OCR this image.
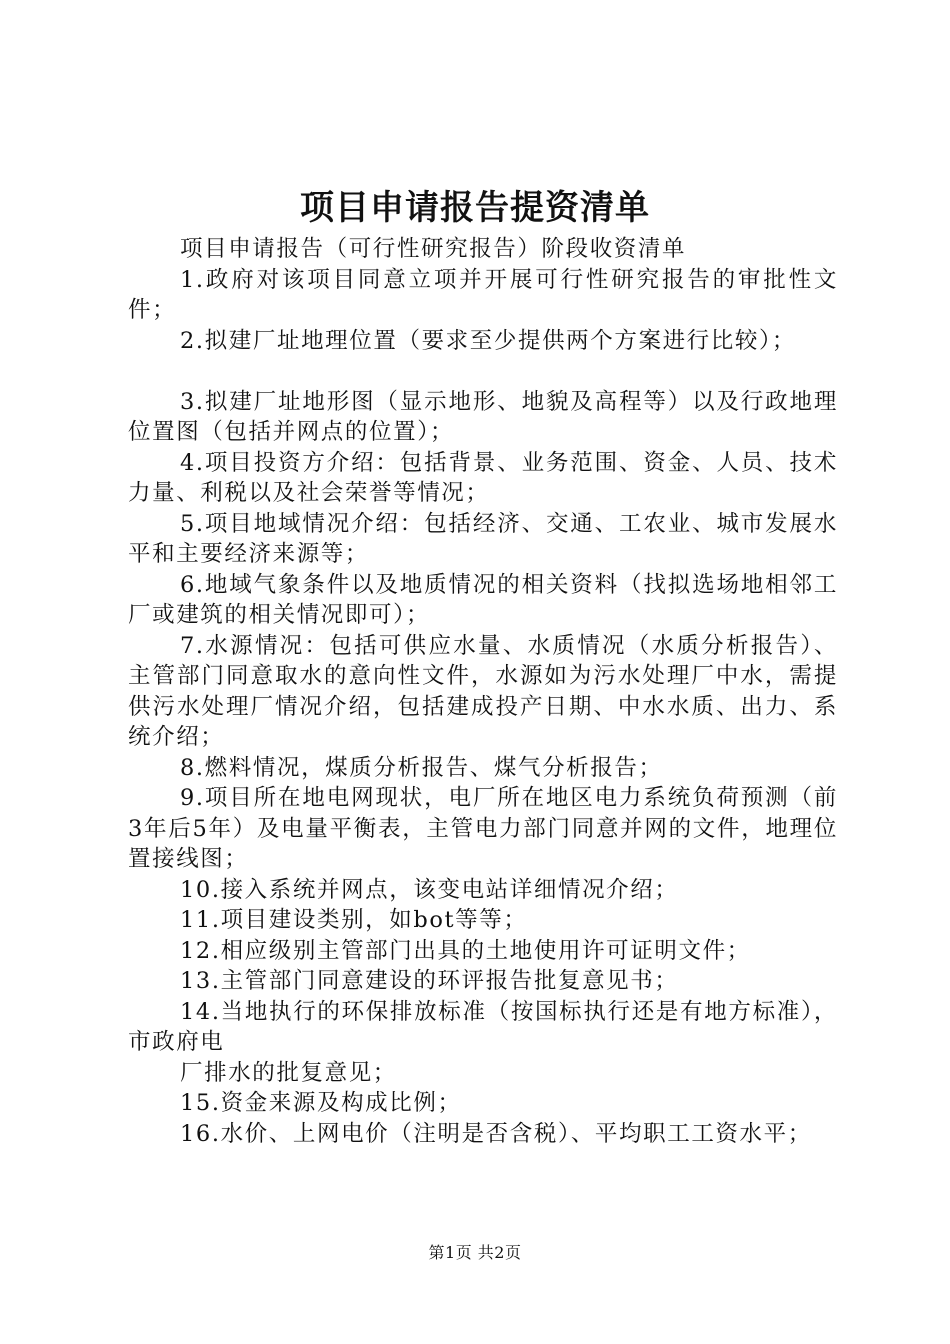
项目申请报告提资清单

项目申请报告（可行性研究报告）阶段收资清单

1.政府对该项目同意立项并开展可行性研究报告的审批性文件；

2.拟建厂址地理位置（要求至少提供两个方案进行比较）；

3.拟建厂址地形图（显示地形、地貌及高程等）以及行政地理位置图（包括并网点的位置）；

4.项目投资方介绍：包括背景、业务范围、资金、人员、技术力量、利税以及社会荣誉等情况；

5.项目地域情况介绍：包括经济、交通、工农业、城市发展水平和主要经济来源等；

6.地域气象条件以及地质情况的相关资料（找拟选场地相邻工厂或建筑的相关情况即可）；

7.水源情况：包括可供应水量、水质情况（水质分析报告）、主管部门同意取水的意向性文件，水源如为污水处理厂中水，需提供污水处理厂情况介绍，包括建成投产日期、中水水质、出力、系统介绍；

8.燃料情况，煤质分析报告、煤气分析报告；

9.项目所在地电网现状，电厂所在地区电力系统负荷预测（前3年后5年）及电量平衡表，主管电力部门同意并网的文件，地理位置接线图；

10.接入系统并网点，该变电站详细情况介绍；

11.项目建设类别，如bot等等；

12.相应级别主管部门出具的土地使用许可证明文件；

13.主管部门同意建设的环评报告批复意见书；

14.当地执行的环保排放标准（按国标执行还是有地方标准），市政府电

厂排水的批复意见；

15.资金来源及构成比例；

16.水价、上网电价（注明是否含税）、平均职工工资水平；

第1页 共2页
